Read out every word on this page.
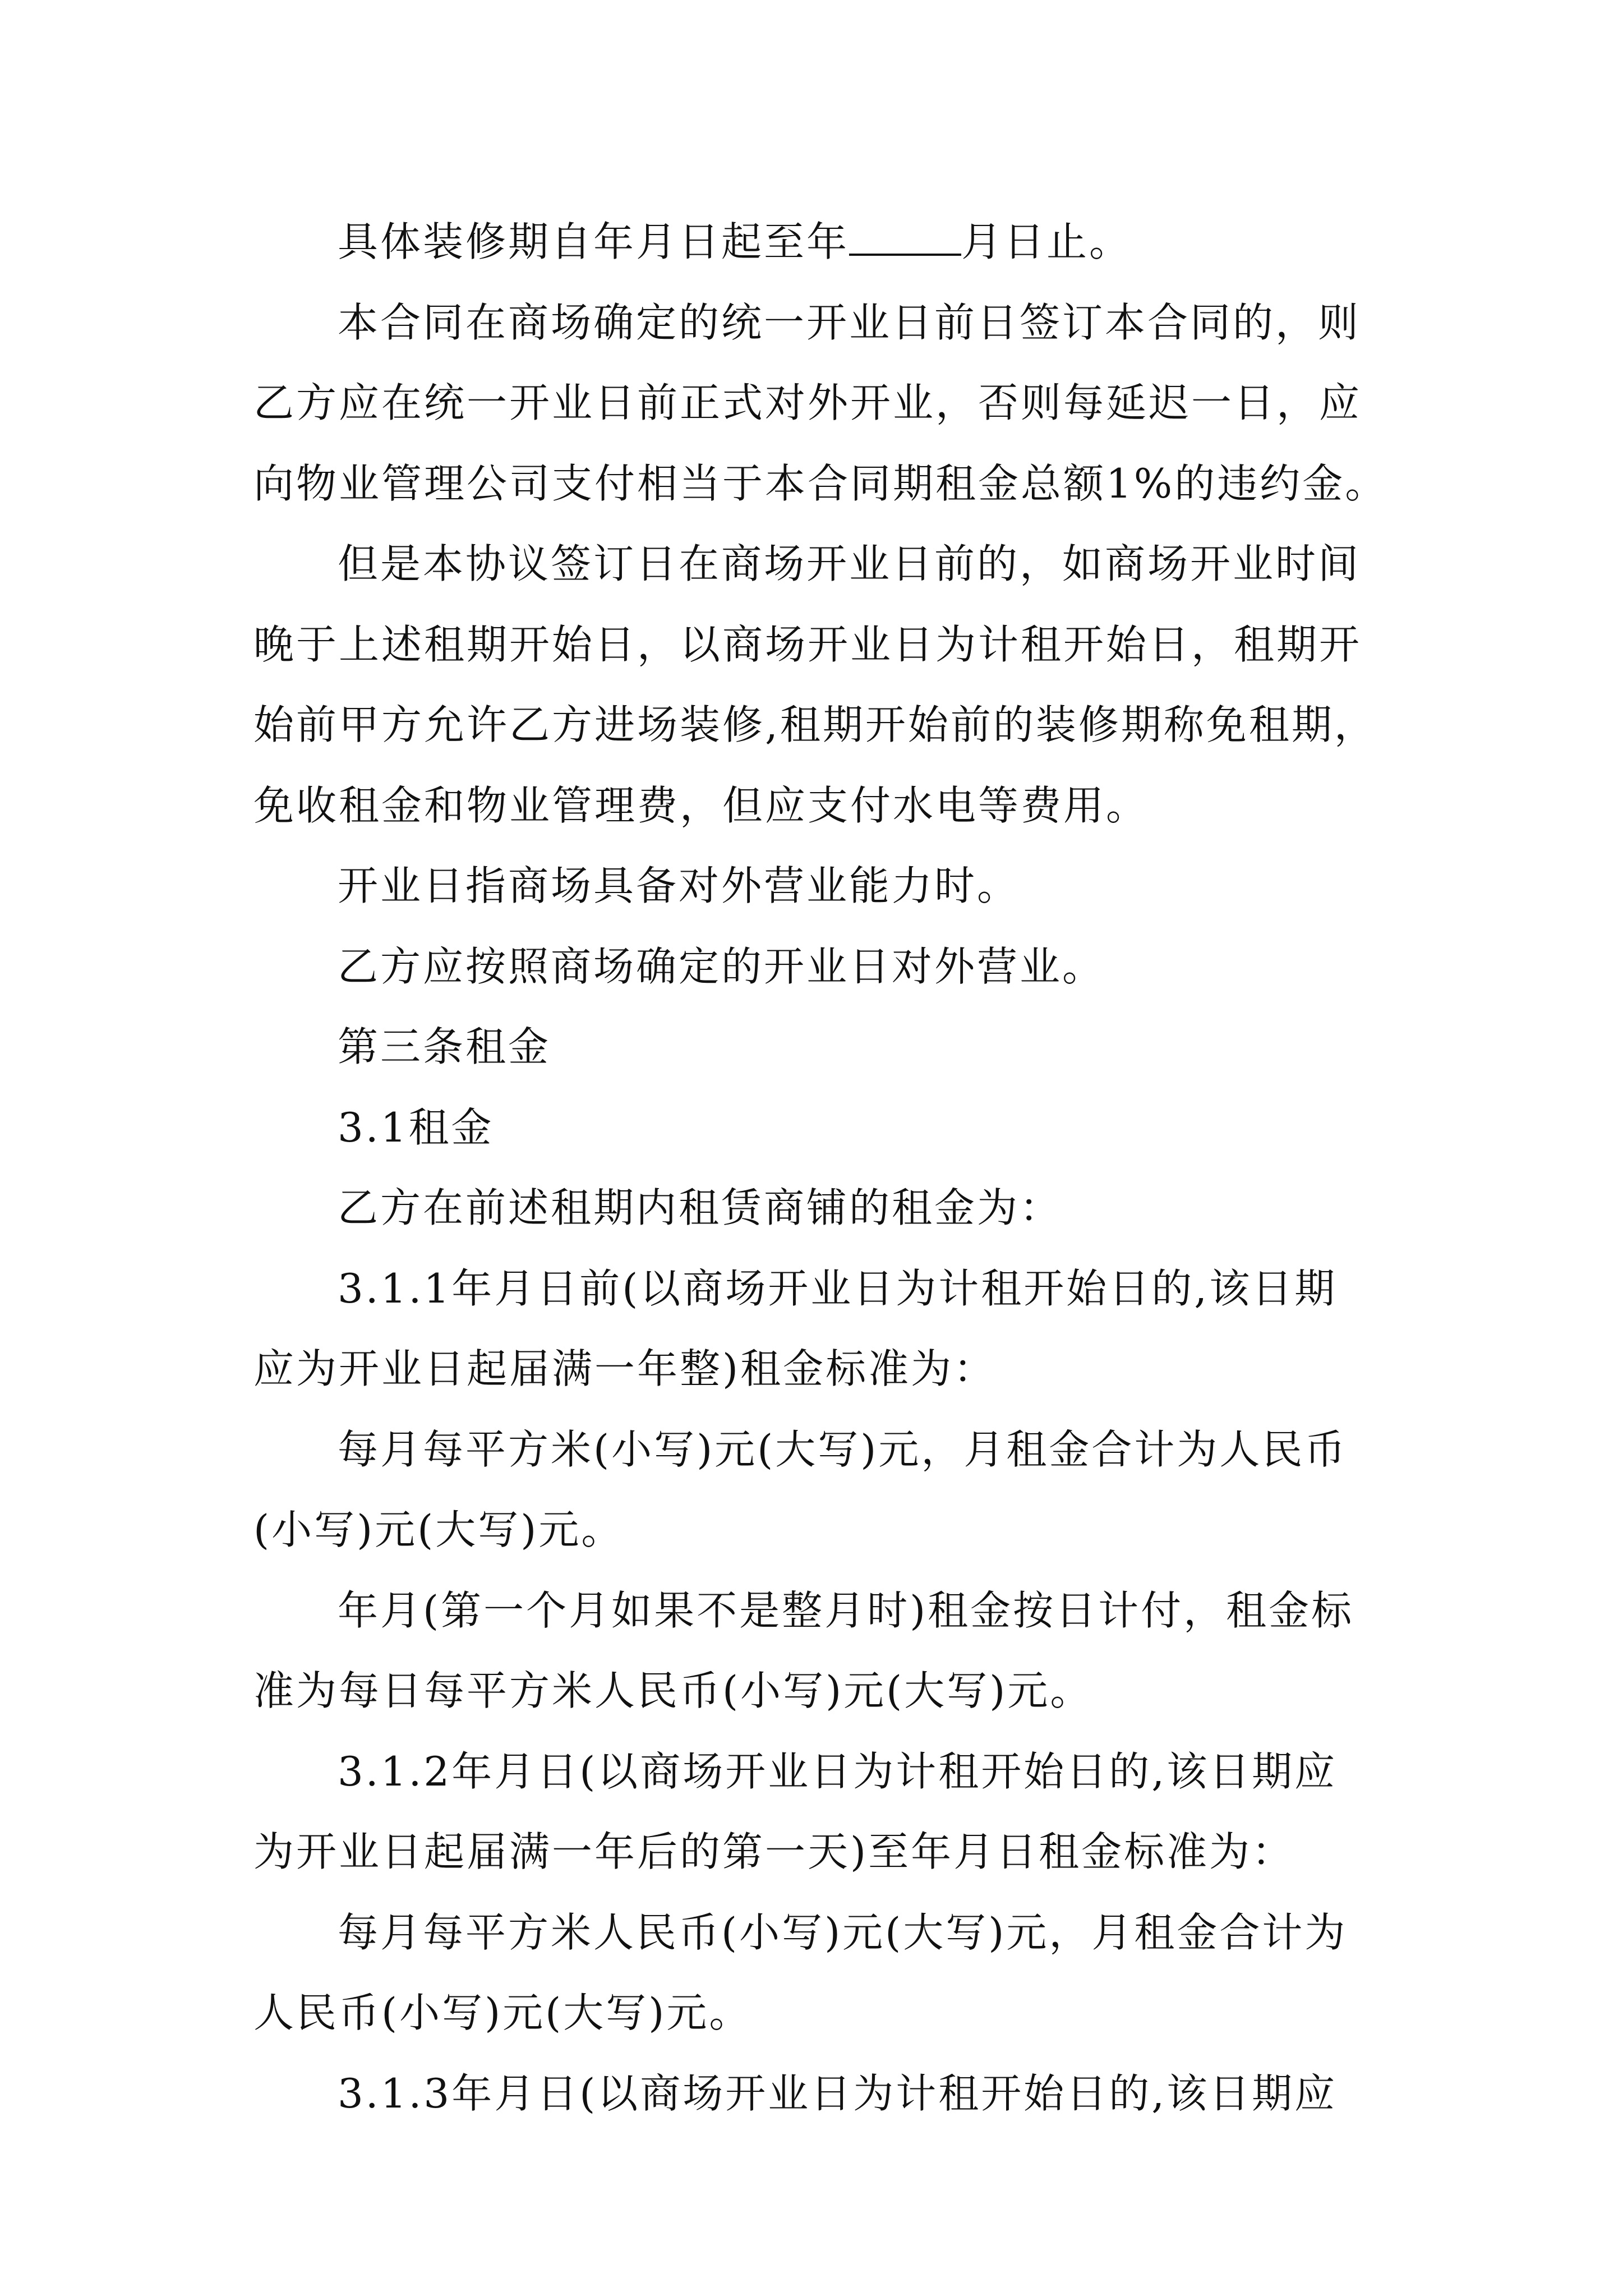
具体装修期自年月日起至年	月日止。

本合同在商场确定的统一开业日前日签订本合同的，则
乙方应在统一开业日前正式对外开业，否则每延迟一日，应
向物业管理公司支付相当于本合同期租金总额1%的违约金。

但是本协议签订日在商场开业日前的，如商场开业时间
晚于上述租期开始日，以商场开业日为计租开始日，租期开
始前甲方允许乙方进场装修,租期开始前的装修期称免租期，
免收租金和物业管理费，但应支付水电等费用。

开业日指商场具备对外营业能力时。

乙方应按照商场确定的开业日对外营业。

第三条租金

3.1租金

乙方在前述租期内租赁商铺的租金为：

3.1.1年月日前(以商场开业日为计租开始日的,该日期
应为开业日起届满一年整)租金标准为：

每月每平方米(小写)元(大写)元，月租金合计为人民币
(小写)元(大写)元。

年月(第一个月如果不是整月时)租金按日计付，租金标
准为每日每平方米人民币(小写)元(大写)元。

3.1.2年月日(以商场开业日为计租开始日的,该日期应
为开业日起届满一年后的第一天)至年月日租金标准为：

每月每平方米人民币(小写)元(大写)元，月租金合计为
人民币(小写)元(大写)元。

3.1.3年月日(以商场开业日为计租开始日的,该日期应
